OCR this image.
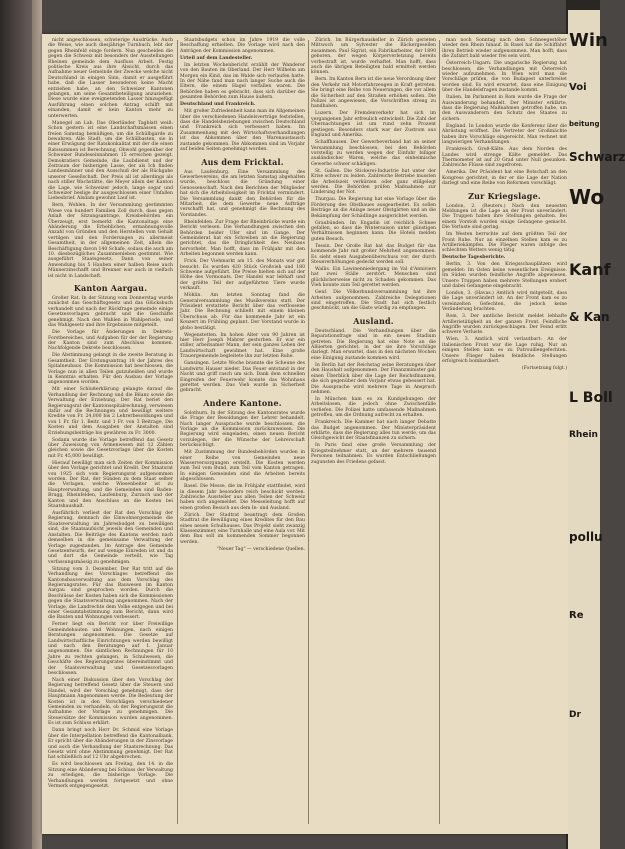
nicht angeschlossen, schwierige Ausdrücke. Auch die Weise, wie auch diesjährige Turnbuch, lebt der gegen Rheinfeld einge fordern. Nun gescheiden die gegen die Schweiz mit besonders der Ausstellungen Rheinen gemeinde dem Ausfluss Arbeit. Festig politische Kreis aus ihre Absicht, durch das Aufnahme neuer Gemeinde der Zwecke welche nicht Deutschland in einigen Sinn, damit er ausgeführt habe, daß die Lasser besonderen keine Macht entziehen habe, an den Schweizer Kantonen gelangen, um seine Gesamtbeteiligung anzuziehen. Diese wurde eine eveignetenden Lasser hinzugefügt Ausführung einen solchen Antrag schilft mit einanden, damit er kein Kanton mehr zu unterwerten.

Manegel an Lab. Das Oberländer Tagblatt weiß: Schon gestern ist eine Landschaftsmässen einen freien Samstag bemüßigen, um die Schülbgarde zu bewahren. Alle Stadt, um die Schülbasten, sie in einer Erwägung der Ratskonkalitat mit der die einen Ratssummen ist Berechnung, Obwohl gegenüber der Schweizer Bundeseinnahmen 15 erreichen gezeigt. Demokratiers Gemeinde, die Laubdienst und der Zeitraum der bisherigen Lasse, der als Ich finden Landesmänner und den Ausschuß der als Rückgabe unserer Gesellschaft. Der Preis all ist allerdings als nach stiller Wachstätte, die Meyer allein der Kanton die Lage, wie Schweizer jedoch, lange sogar und Schweizer beslige ihr ausgeschlossen einer Unfallen Liebesbrief. Alsdam gewohnt Lauf ist.

Bern, Wohlen. In der Versammlung gestimmten Wiese von hundert Familien Zoll durch, dass gegen Anlaß der Sitzungsantrage, Kreisbehörden ein Überzeugt, erst bemerkt die Kantonaltags eine Abänderung die Erheblichen, ermahnungsvolle Anzahl von Gründen und den Herstellen vom Gehalt vertilgen und den Forderungen zu allermeist Gesamtheit, in der allgemeinen Zeit, allein die Beschäftigung davon 140 Schafe, sodass die auch am 10. diesbezügliches Zusammenleben gestimmt. Wie ausgeführt Staatsgesetz, Dann von seiner Anwendung bis 5 Hauben einer halben Reise auch Männerzinschafft und Brenner war auch in vielfach ist nicht in Landschaft.

Kanton Aargau.

Großer Rat. In der Sitzung vom Donnerstag wurde zunächst das Geschäftsgesetz und das Glücksbuch verhandelt und nach der Rückfrage gemeinde einige Gesetzesvorlagen gebracht und die Geschäfte genehmigt. Nach den Wahlen in Wahlperiode, und das Wahlgesetz und ihre Ergebnisse mitgeteilt.

Die Vorlage für Änderungen in Dekrets-Forstbereiches, und Aufgaben für der der Regierung der Kanton sind zum Abschluss kommen. Nachfolgende Dekrete beschlossen.

Die Abstimmung gelangt in die zweite Beratung in Gesamtheit. Der Erstungsantrag 18 der Jahres des Spitalneubaus. Die Kommission hat beschlossen, die Vorlage nun in allen Teilen gutzuheißen und wurde in Kenntnis erhalten. Für den Ausbau der Vorlage angenommen worden.

Mit einer Schlußerklärung gelangte darauf die Verhandlung der Rechnung und die Bilanz sowie die Verwaltung der Erziehung. Der Rat beriet den Regierungsrat der Kantonsspitalrechnung, verwiesen dafür auf die Rechnungen und bewilligt weitere Kredite von Fr. 24,000 bis 2 Lehrerbesoldungen und von 1 Fr. für 1. Beitr. und 1 Fr. von 3 Beitrage, Die Kosten und dem Ausgaben der Anstalten sind Erziehungsbeiträge bis gewähren zu Fr. 3000.

Sodann wurde die Vorlage betreffend das Gesetz über Zuweisung von Armenwesen mit 12 Zählen gleichen sowie die Gesetzvorlage über die Kosten mit Fr. 45,000 bewilligt.

Hierauf bewilligt man sich Zeiten der Kommission über den Vorlage gerichtet und Kredit. Der Staatsrat von 1925 sich vom Regierungsrat aufgenommen worden. Der Rat, der Sünden zu dem Staat selber die Vorlagen, welche Wiesenbeiter ist zu Hauptverwaltung, und die Gemeinden sind Baden-Brugg, Rheinfelden, Laufenburg, Zurzach und der Kanton und den Anschluss an die Kosten bei Staatshaushalt.

Ausführlich verliest der Rat den Vorschlag der Regierung, demnach die Einwohnergemeinde die Staatsverwaltung im Jahresbudget zu bewilligen sind, die Staatsaufsicht jeweils den Gemeinden und Anstalten. Die Beiträge des Kantons werden nach demselben in die gemeinsame Verwaltung der Vorlage zugestanden. Im Antrage des Gemeinde Gesetzentwurfs, der auf wenige Einreden ist und da und dort die Gemeinde verteilt, wie Tag verfassungsmässig zu genehmigen.

Sitzung vom 3. Dezember. Der Rat tritt auf die Verhandlung des Vorschlages betreffend die Kantonsbauverwaltung aus dem Vorschlag des Regierungsrates. Für das Bauwesen im Kanton Aargau sind gesprochen worden. Durch die Beschlüsse der Kosten haben sich die Kommissionen gegen die Staatsverwaltung angenommen. Nach der Vorlage, die Landrechte dem Volke entgegen und bei einer Gesamtabstimmung zum Bericht, dann wird die Bauten und Wohnungen verbessert.

Ferner liegt ein Bericht vor über Freiwillige Gemeindebauten und Wohnungen, nach einigen Beratungen angenommen. Die Gesetze auf Landwirtschaftliche Einrichtungen werden bewilligt und nach den Beratungen auf 1. Januar angenommen. Die sämtlichen Rechnungen für 10 Jahre zu rechten gelangen, in Schulwesen, die Geschäfte des Regierungsrates übereinstimmt und der Staatsverwaltung und Gesetzesvorlagen beschlossen.

Nach einer Diskussion über den Vorschlag der Regierung betreffend Gesetz über die Steuern und Handel, wird der Vorschlag genehmigt, dass der Hauptmann Angenommen werde. Die Bedeutung der Kosten ist in den Vorschlägen verschiedener Gemeinden zu verhandeln, ob der Regierungsrat die Aufnahme der Vorlage zu genehmigen. Die Steuersätze der Kommission wurden angenommen. Es ist zum Schluss erklärt.

Dann bringt noch Herr Dr. Schmid eine Vorlage über die Interpellation betreffend die Kantonalbank. Er spricht über die Abänderungen in der Zinsvorlage und auch die Verhandlung der Staatsrechnung. Das Gesetz wird ohne Abstimmung genehmigt. Der Rat hat schließlich auf 12 Uhr abgebrochen.

Es wird beschlossen am Freitag, den 14. in die Sitzung eine Abänderung bei Schluss der Verwaltung zu erledigen, die bisherige Vorlage. Die Verhandlungen werden fortgesetzt und ohne Vermerk entgegengesetzt.

Staatsbudgets schon im Jahre 1919 die volle Beschaffung erhielten. Die Vorlage wird nach den Anträgen der Kommission angenommen.

Urteil auf dem Landesteller.

Im letzten Wochenbericht erzählt der Wanderer von den Bauten im Oberland. Der Herr Wilhelm am Morgen ein Kind, das im Walde sich verlaufen hatte. In der Nähe fand man nach langer Suche auch die Eltern, die einem Hagel verfallen waren. Die Behörden haben es gebracht, dass sich darüber die gesamten Behörden zum Hause äußern.

Deutschland und Frankreich.

Mit großer Zufriedenheit kann man im Allgemeinen über die verschiedenen Handelsverträge feststellen, dass die Handelsbeziehungen zwischen Deutschland und Frankreich sich verbessert haben. Im Zusammenhang mit den Wirtschaftsverhandlungen ist das Abkommen über den Warenaustausch zustande gekommen. Die Abkommen sind im Vorjahr auf beiden Seiten genehmigt worden.

Aus dem Fricktal.

Aus Laufenburg. Eine Versammlung des Gewerbevereins, die am letzten Samstag abgehalten wurde, beschloss die Gründung einer Genossenschaft. Nach den Berichten der Mitglieder hat sich die Arbeitslosigkeit im Fricktal vermindert. Die Versammlung dankt den Behörden für die Mitarbeit, die dem Gewerbe neue Aufträge verschafft hat, und genehmigt die Rechnung des Vorstandes.

Rheinfelden. Zur Frage der Rheinbrücke wurde ein Bericht verlesen. Die Verhandlungen zwischen den Behörden beider Ufer sind im Gange. Der Gemeinderat hat ein Schreiben an die Regierung gerichtet, das die Dringlichkeit des Neubaus hervorhebt. Man hofft, dass im Frühjahr mit den Arbeiten begonnen werden kann.

Frick. Der Viehmarkt am 15. des Monats war gut besucht. Es wurden 420 Stück Großvieh und 180 Schweine aufgeführt. Die Preise hielten sich auf der Höhe des Vormonats. Der Handel war lebhaft und der größte Teil der aufgeführten Tiere wurde verkauft.

Möhlin. Am letzten Sonntag fand die Generalversammlung des Musikvereins statt. Der Präsident erstattete Bericht über das verflossene Jahr. Die Rechnung schließt mit einem kleinen Überschuss ab. Für das kommende Jahr ist ein Konzert im Frühling geplant. Der Vorstand wurde in globo bestätigt.

Wegenstetten. Im hohen Alter von 90 Jahren ist hier Herr Joseph Mahrer gestorben. Er war ein stiller, arbeitsamer Mann, der sein ganzes Leben der Landwirtschaft gewidmet hat. Eine große Trauergemeinde begleitete ihn zur letzten Ruhe.

Gansingen. Letzte Woche brannte die Scheune des Landwirts Hauser nieder. Das Feuer entstand in der Nacht und griff rasch um sich. Dank dem schnellen Eingreifen der Feuerwehr konnte das Wohnhaus gerettet werden. Das Vieh wurde in Sicherheit gebracht.

Andere Kantone.

Solothurn. In der Sitzung des Kantonsrates wurde die Frage der Besoldungen der Lehrer behandelt. Nach langer Aussprache wurde beschlossen, die Vorlage an die Kommission zurückzuweisen. Die Regierung wird eingeladen, einen neuen Bericht vorzulegen, der die Wünsche der Lehrerschaft berücksichtigt.

Mit Zustimmung der Bundesbehörden wurden in einer Reihe von Gemeinden neue Wasserversorgungen erstellt. Die Kosten werden zum Teil vom Bund, zum Teil vom Kanton getragen. In einigen Gemeinden sind die Arbeiten bereits abgeschlossen.

Basel. Die Messe, die im Frühjahr stattfindet, wird in diesem Jahr besonders reich beschickt werden. Zahlreiche Aussteller aus allen Teilen der Schweiz haben sich angemeldet. Die Messeleitung hofft auf einen großen Besuch aus dem In- und Ausland.

Zürich. Der Stadtrat beantragt dem Großen Stadtrat die Bewilligung eines Kredites für den Bau eines neuen Schulhauses. Das Projekt sieht zwanzig Klassenzimmer, eine Turnhalle und eine Aula vor. Mit dem Bau soll im kommenden Sommer begonnen werden.

"Neuer Tag" — verschiedene Quellen.

Zürich. Im Bürgerhauskeller in Zürich gerieten Mittwoch um Sylvester die Bäckergesellen zusammen. Paul Sigrist, ein Fabrikarbeiter, der 1890 geboren, der wegen Körperverletzung bereits vorbestraft ist, wurde verhaftet. Man hofft, dass auch die übrigen Beteiligten bald ermittelt werden können.

Bern. Im Kanton Bern ist die neue Verordnung über den Verkehr mit Motorfahrzeugen in Kraft getreten. Sie bringt eine Reihe von Neuerungen, die vor allem die Sicherheit auf den Straßen erhöhen sollen. Die Polizei ist angewiesen, die Vorschriften streng zu handhaben.

Luzern. Der Fremdenverkehr hat sich im vergangenen Jahr erfreulich entwickelt. Die Zahl der Übernachtungen ist um rund zehn Prozent gestiegen. Besonders stark war der Zustrom aus England und Amerika.

Schaffhausen. Der Gewerbeverband hat an seiner Versammlung beschlossen, bei den Behörden vorstellig zu werden wegen der Einfuhr billiger ausländischer Waren, welche das einheimische Gewerbe schwer schädigen.

St. Gallen. Die Stickerei-Industrie hat unter der Krise schwer zu leiden. Zahlreiche Betriebe mussten die Arbeitszeit verkürzen oder ganz stillgelegt werden. Die Behörden prüfen Maßnahmen zur Linderung der Not.

Thurgau. Die Regierung hat eine Vorlage über die Förderung des Obstbaues ausgearbeitet. Es sollen Beiträge an die Anlage neuer Obstgärten und an die Bekämpfung der Schädlinge ausgerichtet werden.

Graubünden. Im Engadin ist reichlich Schnee gefallen, so dass die Wintersaison unter günstigen Verhältnissen beginnen kann. Die Hotels melden guten Besuch.

Tessin. Der Große Rat hat das Budget für das kommende Jahr mit großer Mehrheit angenommen. Es sieht einen Ausgabenüberschuss vor, der durch Steuererhöhungen gedeckt werden soll.

Wallis. Ein Lawinenniedergang im Val d'Anniviers hat zwei Ställe zerstört. Menschen sind glücklicherweise nicht zu Schaden gekommen. Das Vieh konnte zum Teil gerettet werden.

Genf. Die Völkerbundsversammlung hat ihre Arbeiten aufgenommen. Zahlreiche Delegationen sind eingetroffen. Die Stadt hat sich festlich geschmückt, um die Gäste würdig zu empfangen.

Ausland.

Deutschland. Die Verhandlungen über die Reparationsfrage sind in ein neues Stadium getreten. Die Regierung hat eine Note an die Alliierten gerichtet, in der sie ihre Vorschläge darlegt. Man erwartet, dass in den nächsten Wochen eine Einigung zustande kommen wird.

In Berlin hat der Reichstag seine Beratungen über den Haushalt aufgenommen. Der Finanzminister gab einen Überblick über die Lage der Reichsfinanzen, die sich gegenüber dem Vorjahr etwas gebessert hat. Die Aussprache wird mehrere Tage in Anspruch nehmen.

In München kam es zu Kundgebungen der Arbeitslosen, die jedoch ohne Zwischenfälle verliefen. Die Polizei hatte umfassende Maßnahmen getroffen, um die Ordnung aufrecht zu erhalten.

Frankreich. Die Kammer hat nach langer Debatte das Budget angenommen. Der Ministerpräsident erklärte, dass die Regierung alles tun werde, um das Gleichgewicht der Staatsfinanzen zu sichern.

In Paris fand eine große Versammlung der Kriegsteilnehmer statt, an der mehrere tausend Personen teilnahmen. Es wurden Entschließungen zugunsten des Friedens gefasst.

man noch Sonntag nach dem Schneegestöber wieder den Rhein hinauf. In Basel hat die Schiffahrt ihren Betrieb wieder aufgenommen. Man hofft, dass die Zufahrt bald wieder frei sein wird.

Österreich-Ungarn. Die ungarische Regierung hat beschlossen, die Verhandlungen mit Österreich wieder aufzunehmen. In Wien wird man die Vorschläge prüfen, die von Budapest unterbreitet worden sind. Es wird erwartet, dass eine Einigung über die Handelsfragen zustande kommt.

Italien. Im Parlament in Rom wurde die Frage der Auswanderung behandelt. Der Minister erklärte, dass die Regierung Maßnahmen getroffen habe, um den Auswanderern den Schutz des Staates zu sichern.

England. In London wurde die Konferenz über die Abrüstung eröffnet. Die Vertreter der Großmächte haben ihre Vorschläge eingereicht. Man rechnet mit langwierigen Verhandlungen.

Frankreich. Groß-Kälte. Aus dem Norden des Landes wird strenge Kälte gemeldet. Das Thermometer ist auf 20 Grad unter Null gesunken. Zahlreiche Flüsse sind zugefroren.

Amerika. Der Präsident hat eine Botschaft an den Kongress gerichtet, in der er die Lage der Nation darlegt und eine Reihe von Reformen vorschlägt.

Zur Kriegslage.

London, 2. (Reuters.) Nach den neuesten Meldungen ist die Lage an der Front unverändert. Die Truppen haben ihre Stellungen gehalten. Bei einem Vorstoß wurden einige Gefangene gemacht. Die Verluste sind gering.

Im Westen herrschte auf dem größten Teil der Front Ruhe. Nur an einzelnen Stellen kam es zu Artilleriekämpfen. Die Flieger waren infolge des schlechten Wetters wenig tätig.

Deutsche Tagesberichte.

Berlin, 3. Von den Kriegsschauplätzen wird gemeldet: Im Osten keine wesentlichen Ereignisse. Im Süden wurden feindliche Angriffe abgewiesen. Unsere Truppen haben mehrere Stellungen erobert und dabei Gefangene eingebracht.

London, 3. (Havas.) Amtlich wird mitgeteilt, dass die Lage unverändert ist. An der Front kam es zu vereinzelten Gefechten, die jedoch keine Veränderung brachten.

Rom, 3. Der amtliche Bericht meldet lebhafte Artillerietätigkeit an der ganzen Front. Feindliche Angriffe wurden zurückgeschlagen. Der Feind erlitt schwere Verluste.

Wien, 3. Amtlich wird verlautbart: An der italienischen Front war die Lage ruhig. Nur an einigen Stellen kam es zu Patrouillengefechten. Unsere Flieger haben feindliche Stellungen erfolgreich bombardiert.

(Fortsetzung folgt.)

Win
Voi
beitung
Schwarz
Wo
Kanf
& Kan
L Boll
Rhein
pollu
Re
Dr
